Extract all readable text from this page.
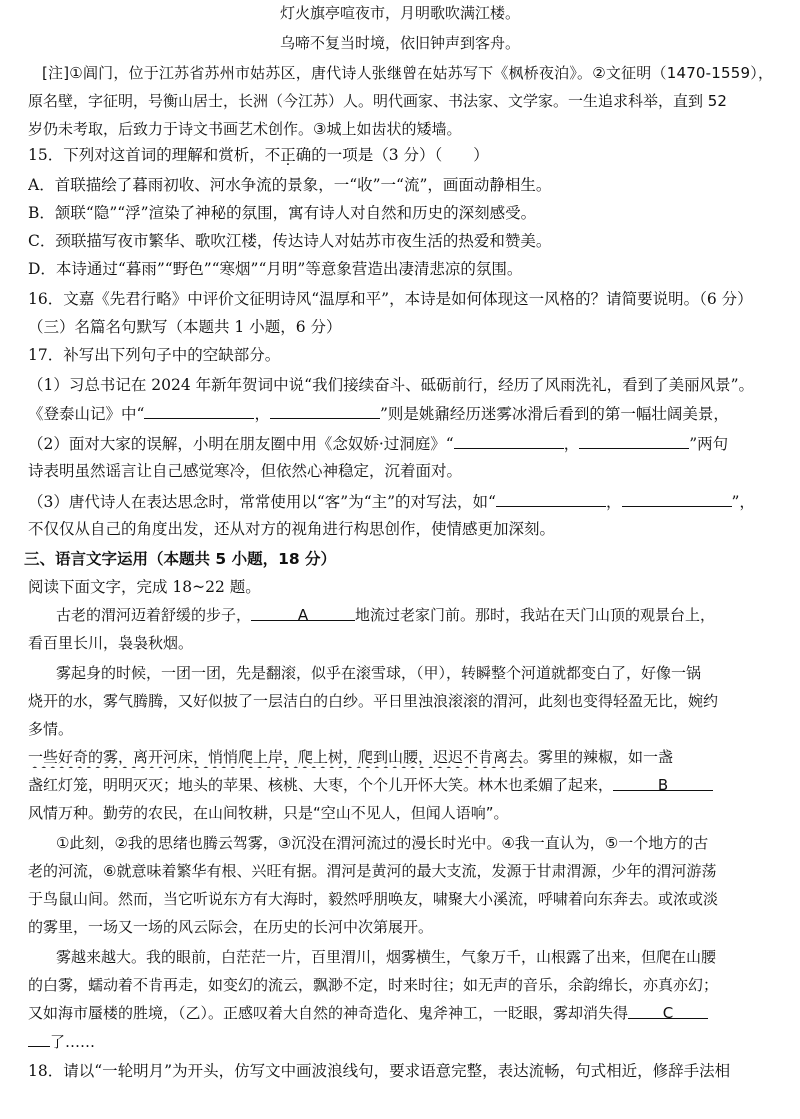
灯火旗亭喧夜市，月明歌吹满江楼。
乌啼不复当时境，依旧钟声到客舟。
[注]①阊门，位于江苏省苏州市姑苏区，唐代诗人张继曾在姑苏写下《枫桥夜泊》。②文征明（1470-1559），
原名壁，字征明，号衡山居士，长洲（今江苏）人。明代画家、书法家、文学家。一生追求科举，直到 52
岁仍未考取，后致力于诗文书画艺术创作。③城上如齿状的矮墙。
15．下列对这首词的理解和赏析，不正确的一项是（3 分）（　　）
A．首联描绘了暮雨初收、河水争流的景象，一“收”一“流”，画面动静相生。
B．颔联“隐”“浮”渲染了神秘的氛围，寓有诗人对自然和历史的深刻感受。
C．颈联描写夜市繁华、歌吹江楼，传达诗人对姑苏市夜生活的热爱和赞美。
D．本诗通过“暮雨”“野色”“寒烟”“月明”等意象营造出凄清悲凉的氛围。
16．文嘉《先君行略》中评价文征明诗风“温厚和平”，本诗是如何体现这一风格的？请简要说明。（6 分）
（三）名篇名句默写（本题共 1 小题，6 分）
17．补写出下列句子中的空缺部分。
（1）习总书记在 2024 年新年贺词中说“我们接续奋斗、砥砺前行，经历了风雨洗礼，看到了美丽风景”。
《登泰山记》中“	，	”则是姚鼐经历迷雾冰滑后看到的第一幅壮阔美景，
（2）面对大家的误解，小明在朋友圈中用《念奴娇·过洞庭》“	，	”两句
诗表明虽然谣言让自己感觉寒冷，但依然心神稳定，沉着面对。
（3）唐代诗人在表达思念时，常常使用以“客”为“主”的对写法，如“	，	”，
不仅仅从自己的角度出发，还从对方的视角进行构思创作，使情感更加深刻。
三、语言文字运用（本题共 5 小题，18 分）
阅读下面文字，完成 18~22 题。
古老的渭河迈着舒缓的步子，	A	地流过老家门前。那时，我站在天门山顶的观景台上，
看百里长川，袅袅秋烟。
雾起身的时候，一团一团，先是翻滚，似乎在滚雪球，（甲），转瞬整个河道就都变白了，好像一锅
烧开的水，雾气腾腾，又好似披了一层洁白的白纱。平日里浊浪滚滚的渭河，此刻也变得轻盈无比，婉约
多情。
一些好奇的雾，离开河床，悄悄爬上岸，爬上树，爬到山腰，迟迟不肯离去。雾里的辣椒，如一盏
盏红灯笼，明明灭灭；地头的苹果、核桃、大枣，个个儿开怀大笑。林木也柔媚了起来，	B
风情万种。勤劳的农民，在山间牧耕，只是“空山不见人，但闻人语响”。
①此刻，②我的思绪也腾云驾雾，③沉没在渭河流过的漫长时光中。④我一直认为，⑤一个地方的古
老的河流，⑥就意味着繁华有根、兴旺有据。渭河是黄河的最大支流，发源于甘肃渭源，少年的渭河游荡
于鸟鼠山间。然而，当它听说东方有大海时，毅然呼朋唤友，啸聚大小溪流，呼啸着向东奔去。或浓或淡
的雾里，一场又一场的风云际会，在历史的长河中次第展开。
雾越来越大。我的眼前，白茫茫一片，百里渭川，烟雾横生，气象万千，山根露了出来，但爬在山腰
的白雾，蠕动着不肯再走，如变幻的流云，飘渺不定，时来时往；如无声的音乐，余韵绵长，亦真亦幻；
又如海市蜃楼的胜境，（乙）。正感叹着大自然的神奇造化、鬼斧神工，一眨眼，雾却消失得 C
了……
18．请以“一轮明月”为开头，仿写文中画波浪线句，要求语意完整，表达流畅，句式相近，修辞手法相
